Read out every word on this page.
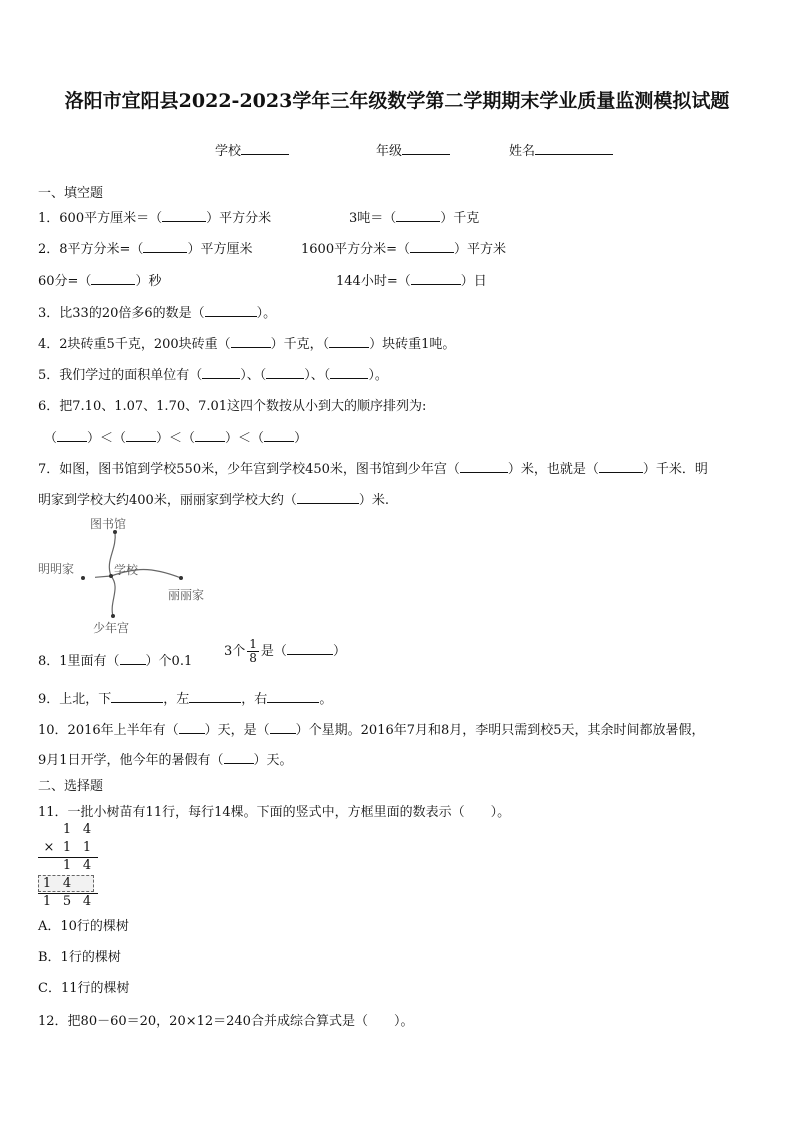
洛阳市宜阳县2022-2023学年三年级数学第二学期期末学业质量监测模拟试题
学校	年级	姓名
一、填空题
1．600平方厘米＝（	）平方分米	3吨＝（	）千克
2．8平方分米=（	）平方厘米	1600平方分米=（	）平方米
60分=（	）秒	144小时=（	）日
3．比33的20倍多6的数是（	）。
4．2块砖重5千克，200块砖重（	）千克，（	）块砖重1吨。
5．我们学过的面积单位有（	）、（	）、（	）。
6．把7.10、1.07、1.70、7.01这四个数按从小到大的顺序排列为:
（ ）＜（ ）＜（ ）＜（ ）
7．如图，图书馆到学校550米，少年宫到学校450米，图书馆到少年宫（	）米，也就是（	）千米．明
明家到学校大约400米，丽丽家到学校大约（	）米.
图书馆
学校
明明家
丽丽家
少年宫
8．1里面有（ ）个0.1
3个 $\frac{1}{8}$ 是（	）
9．上北，下	，左	，右	。
10．2016年上半年有（ ）天，是（ ）个星期。2016年7月和8月，李明只需到校5天，其余时间都放暑假，
9月1日开学，他今年的暑假有（ ）天。
二、选择题
11．一批小树苗有11行，每行14棵。下面的竖式中，方框里面的数表示（　　）。
1 4
× 1 1
1 4
1 4
1 5 4
A．10行的棵树
B．1行的棵树
C．11行的棵树
12．把80－60＝20，20×12＝240合并成综合算式是（　　）。
